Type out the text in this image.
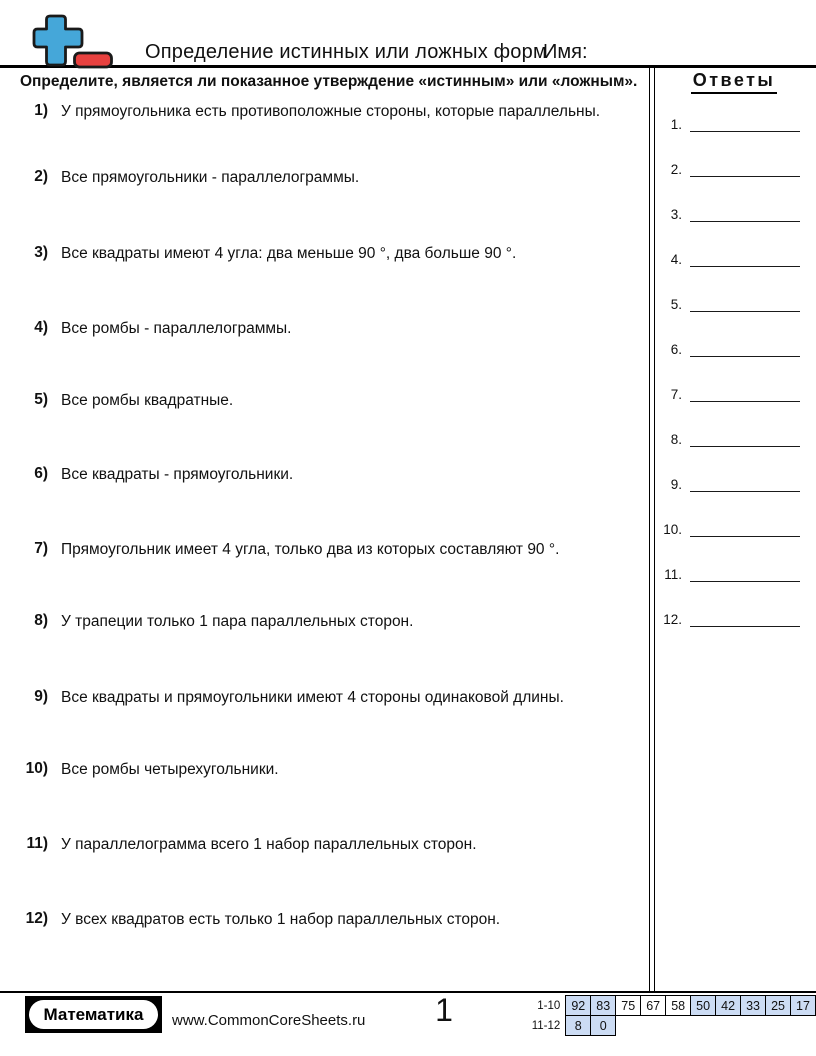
Определение истинных или ложных форм
Имя:
Определите, является ли показанное утверждение «истинным» или «ложным».
1) У прямоугольника есть противоположные стороны, которые параллельны.
2) Все прямоугольники - параллелограммы.
3) Все квадраты имеют 4 угла: два меньше 90 °, два больше 90 °.
4) Все ромбы - параллелограммы.
5) Все ромбы квадратные.
6) Все квадраты - прямоугольники.
7) Прямоугольник имеет 4 угла, только два из которых составляют 90 °.
8) У трапеции только 1 пара параллельных сторон.
9) Все квадраты и прямоугольники имеют 4 стороны одинаковой длины.
10) Все ромбы четырехугольники.
11) У параллелограмма всего 1 набор параллельных сторон.
12) У всех квадратов есть только 1 набор параллельных сторон.
Ответы
1.
2.
3.
4.
5.
6.
7.
8.
9.
10.
11.
12.
Математика	www.CommonCoreSheets.ru	1	1-10	92	83	75	67	58	50	42	33	25	17
11-12	8	0								
